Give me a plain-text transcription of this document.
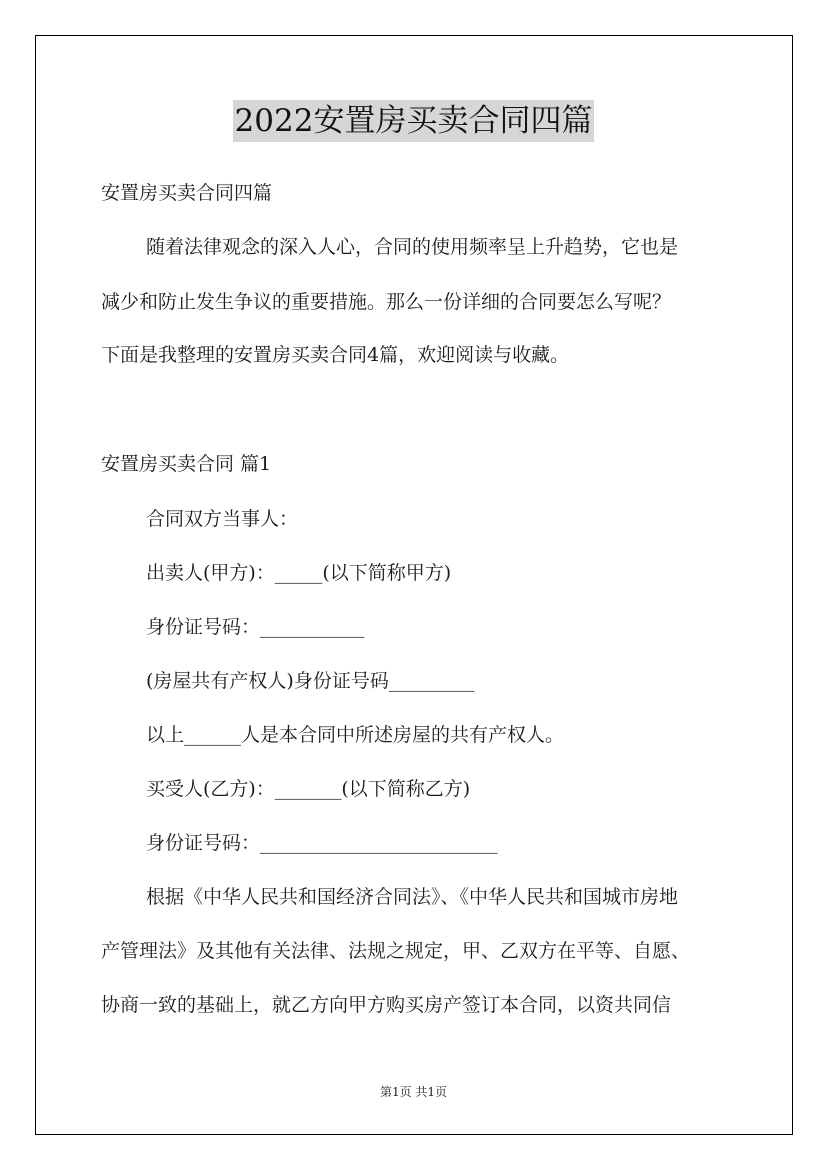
2022安置房买卖合同四篇
安置房买卖合同四篇
随着法律观念的深入人心，合同的使用频率呈上升趋势，它也是
减少和防止发生争议的重要措施。那么一份详细的合同要怎么写呢？
下面是我整理的安置房买卖合同4篇，欢迎阅读与收藏。
安置房买卖合同 篇1
合同双方当事人：
出卖人(甲方)：_____(以下简称甲方)
身份证号码：___________
(房屋共有产权人)身份证号码_________
以上______人是本合同中所述房屋的共有产权人。
买受人(乙方)：_______(以下简称乙方)
身份证号码：_________________________
根据《中华人民共和国经济合同法》、《中华人民共和国城市房地
产管理法》及其他有关法律、法规之规定，甲、乙双方在平等、自愿、
协商一致的基础上，就乙方向甲方购买房产签订本合同，以资共同信
第1页 共1页
